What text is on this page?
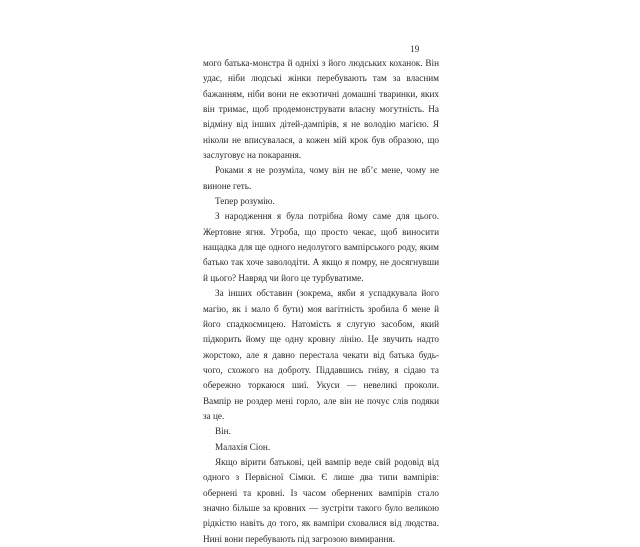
19

мого батька-монстра й одніхі з його людських коханок. Він удає, ніби людські жінки перебувають там за власним бажанням, ніби вони не екзотичні домашні тваринки, яких він тримає, щоб продемонструвати власну могутність. На відміну від інших дітей-дампірів, я не володію магією. Я ніколи не вписувалася, а кожен мій крок був образою, що заслуговує на покарання.

Роками я не розуміла, чому він не вб’є мене, чому не виноне геть.

Тепер розумію.

З народження я була потрібна йому саме для цього. Жертовне ягня. Угроба, що просто чекає, щоб виносити нащадка для ще одного недолугого вампірського роду, яким батько так хоче заволодіти. А якщо я помру, не досягнувши й цього? Навряд чи його це турбуватиме.

За інших обставин (зокрема, якби я успадкувала його магію, як і мало б бути) моя вагітність зробила б мене й його спадкоємицею. Натомість я слугую засобом, який підкорить йому ще одну кровну лінію. Це звучить надто жорстоко, але я давно перестала чекати від батька будь-чого, схожого на доброту. Піддавшись гніву, я сідаю та обережно торкаюся шиї. Укуси — невеликі проколи. Вампір не роздер мені горло, але він не почує слів подяки за це.

Він.

Малахія Сіон.

Якщо вірити батькові, цей вампір веде свій родовід від одного з Первісної Сімки. Є лише два типи вампірів: обернені та кровні. Із часом обернених вампірів стало значно більше за кровних — зустріти такого було великою рідкістю навіть до того, як вампіри сховалися від людства. Нині вони перебувають під загрозою вимирання.
